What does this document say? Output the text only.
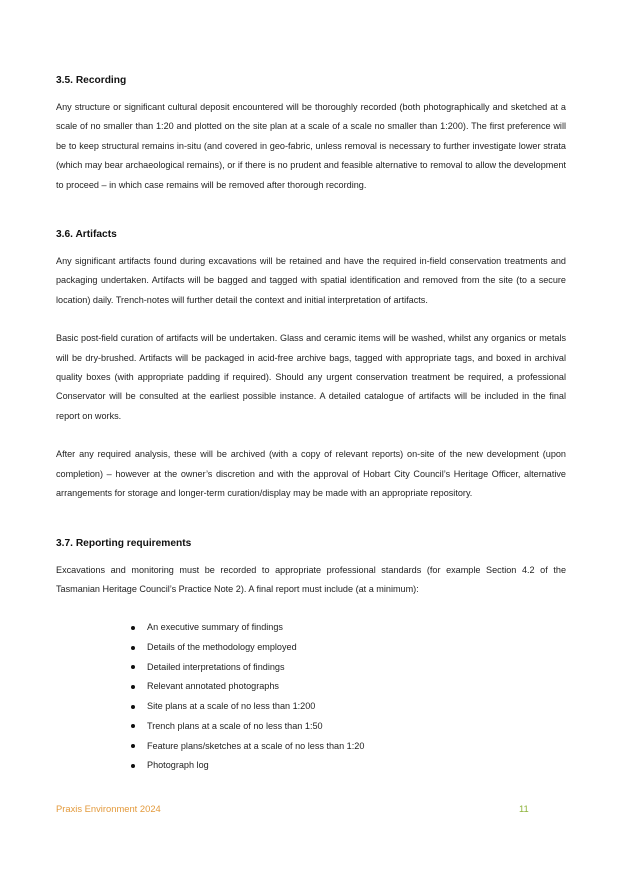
3.5. Recording

Any structure or significant cultural deposit encountered will be thoroughly recorded (both photographically and sketched at a scale of no smaller than 1:20 and plotted on the site plan at a scale of a scale no smaller than 1:200). The first preference will be to keep structural remains in-situ (and covered in geo-fabric, unless removal is necessary to further investigate lower strata (which may bear archaeological remains), or if there is no prudent and feasible alternative to removal to allow the development to proceed – in which case remains will be removed after thorough recording.

3.6. Artifacts

Any significant artifacts found during excavations will be retained and have the required in-field conservation treatments and packaging undertaken. Artifacts will be bagged and tagged with spatial identification and removed from the site (to a secure location) daily. Trench-notes will further detail the context and initial interpretation of artifacts.

Basic post-field curation of artifacts will be undertaken. Glass and ceramic items will be washed, whilst any organics or metals will be dry-brushed. Artifacts will be packaged in acid-free archive bags, tagged with appropriate tags, and boxed in archival quality boxes (with appropriate padding if required). Should any urgent conservation treatment be required, a professional Conservator will be consulted at the earliest possible instance. A detailed catalogue of artifacts will be included in the final report on works.

After any required analysis, these will be archived (with a copy of relevant reports) on-site of the new development (upon completion) – however at the owner’s discretion and with the approval of Hobart City Council’s Heritage Officer, alternative arrangements for storage and longer-term curation/display may be made with an appropriate repository.

3.7. Reporting requirements

Excavations and monitoring must be recorded to appropriate professional standards (for example Section 4.2 of the Tasmanian Heritage Council’s Practice Note 2). A final report must include (at a minimum):

An executive summary of findings
Details of the methodology employed
Detailed interpretations of findings
Relevant annotated photographs
Site plans at a scale of no less than 1:200
Trench plans at a scale of no less than 1:50
Feature plans/sketches at a scale of no less than 1:20
Photograph log
Praxis Environment 2024	11
